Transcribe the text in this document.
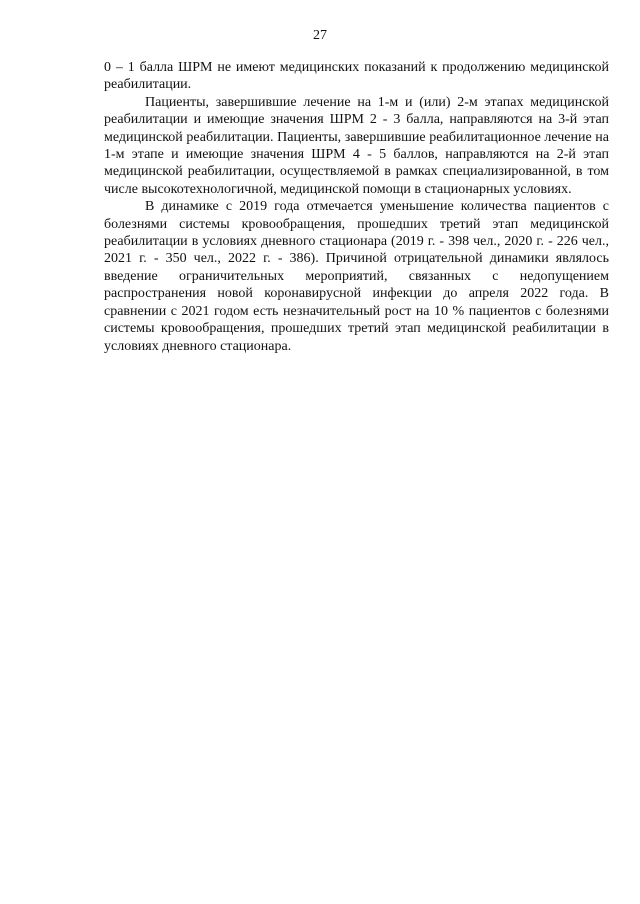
27

0 – 1 балла ШРМ не имеют медицинских показаний к продолжению медицинской реабилитации.

Пациенты, завершившие лечение на 1-м и (или) 2-м этапах медицинской реабилитации и имеющие значения ШРМ 2 - 3 балла, направляются на 3-й этап медицинской реабилитации. Пациенты, завершившие реабилитационное лечение на 1-м этапе и имеющие значения ШРМ 4 - 5 баллов, направляются на 2-й этап медицинской реабилитации, осуществляемой в рамках специализированной, в том числе высокотехнологичной, медицинской помощи в стационарных условиях.

В динамике с 2019 года отмечается уменьшение количества пациентов с болезнями системы кровообращения, прошедших третий этап медицинской реабилитации в условиях дневного стационара (2019 г. - 398 чел., 2020 г. - 226 чел., 2021 г. - 350 чел., 2022 г. - 386). Причиной отрицательной динамики являлось введение ограничительных мероприятий, связанных с недопущением распространения новой коронавирусной инфекции до апреля 2022 года. В сравнении с 2021 годом есть незначительный рост на 10 % пациентов с болезнями системы кровообращения, прошедших третий этап медицинской реабилитации в условиях дневного стационара.
